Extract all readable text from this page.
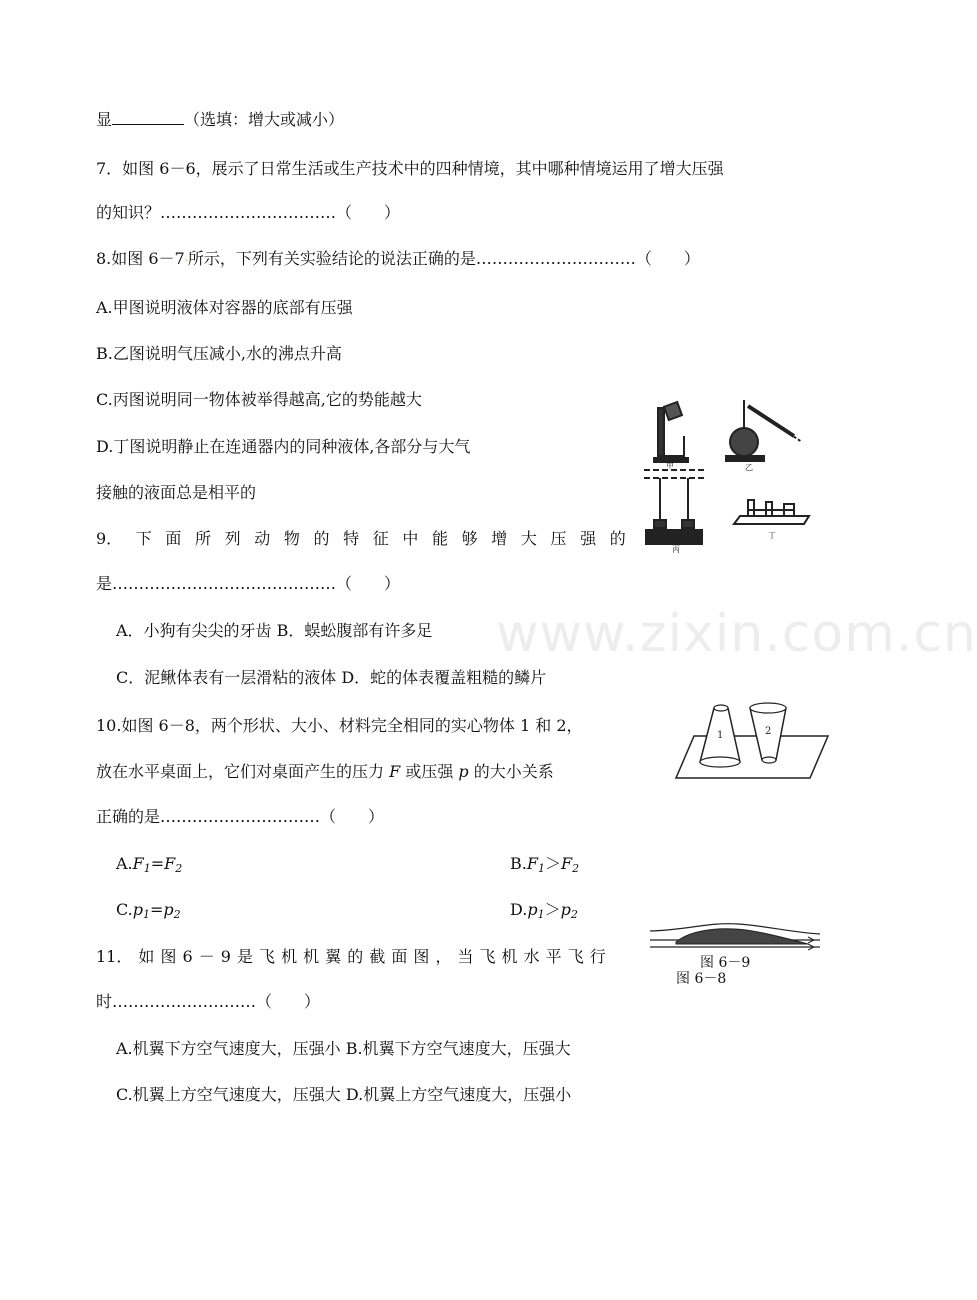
www.zixin.com.cn
显	（选填：增大或减小）
7．如图 6－6，展示了日常生活或生产技术中的四种情境，其中哪种情境运用了增大压强
的知识？……………………………（　　）
8.如图 6－7·所示，下列有关实验结论的说法正确的是…………………………（　　）
A.甲图说明液体对容器的底部有压强
B.乙图说明气压减小,水的沸点升高
C.丙图说明同一物体被举得越高,它的势能越大
D.丁图说明静止在连通器内的同种液体,各部分与大气
接触的液面总是相平的
甲	乙
丙
丁
9． 下 面 所 列 动 物 的 特 征 中 能 够 增 大 压 强 的
是……………………………………（　　）
A．小狗有尖尖的牙齿 B．蜈蚣腹部有许多足
C．泥鳅体表有一层滑粘的液体 D．蛇的体表覆盖粗糙的鳞片
1	2
10.如图 6－8，两个形状、大小、材料完全相同的实心物体 1 和 2，
放在水平桌面上，它们对桌面产生的压力 F 或压强 p 的大小关系
正确的是…………………………（　　）
$A.F_1=F_2$	$B.F_1>F_2$
$C.p_1=p_2$	$D.p_1>p_2$
图 6－9
图 6－8
11． 如 图 6 － 9 是 飞 机 机 翼 的 截 面 图 ， 当 飞 机 水 平 飞 行
时………………………（　　）
A.机翼下方空气速度大，压强小 B.机翼下方空气速度大，压强大
C.机翼上方空气速度大，压强大 D.机翼上方空气速度大，压强小
